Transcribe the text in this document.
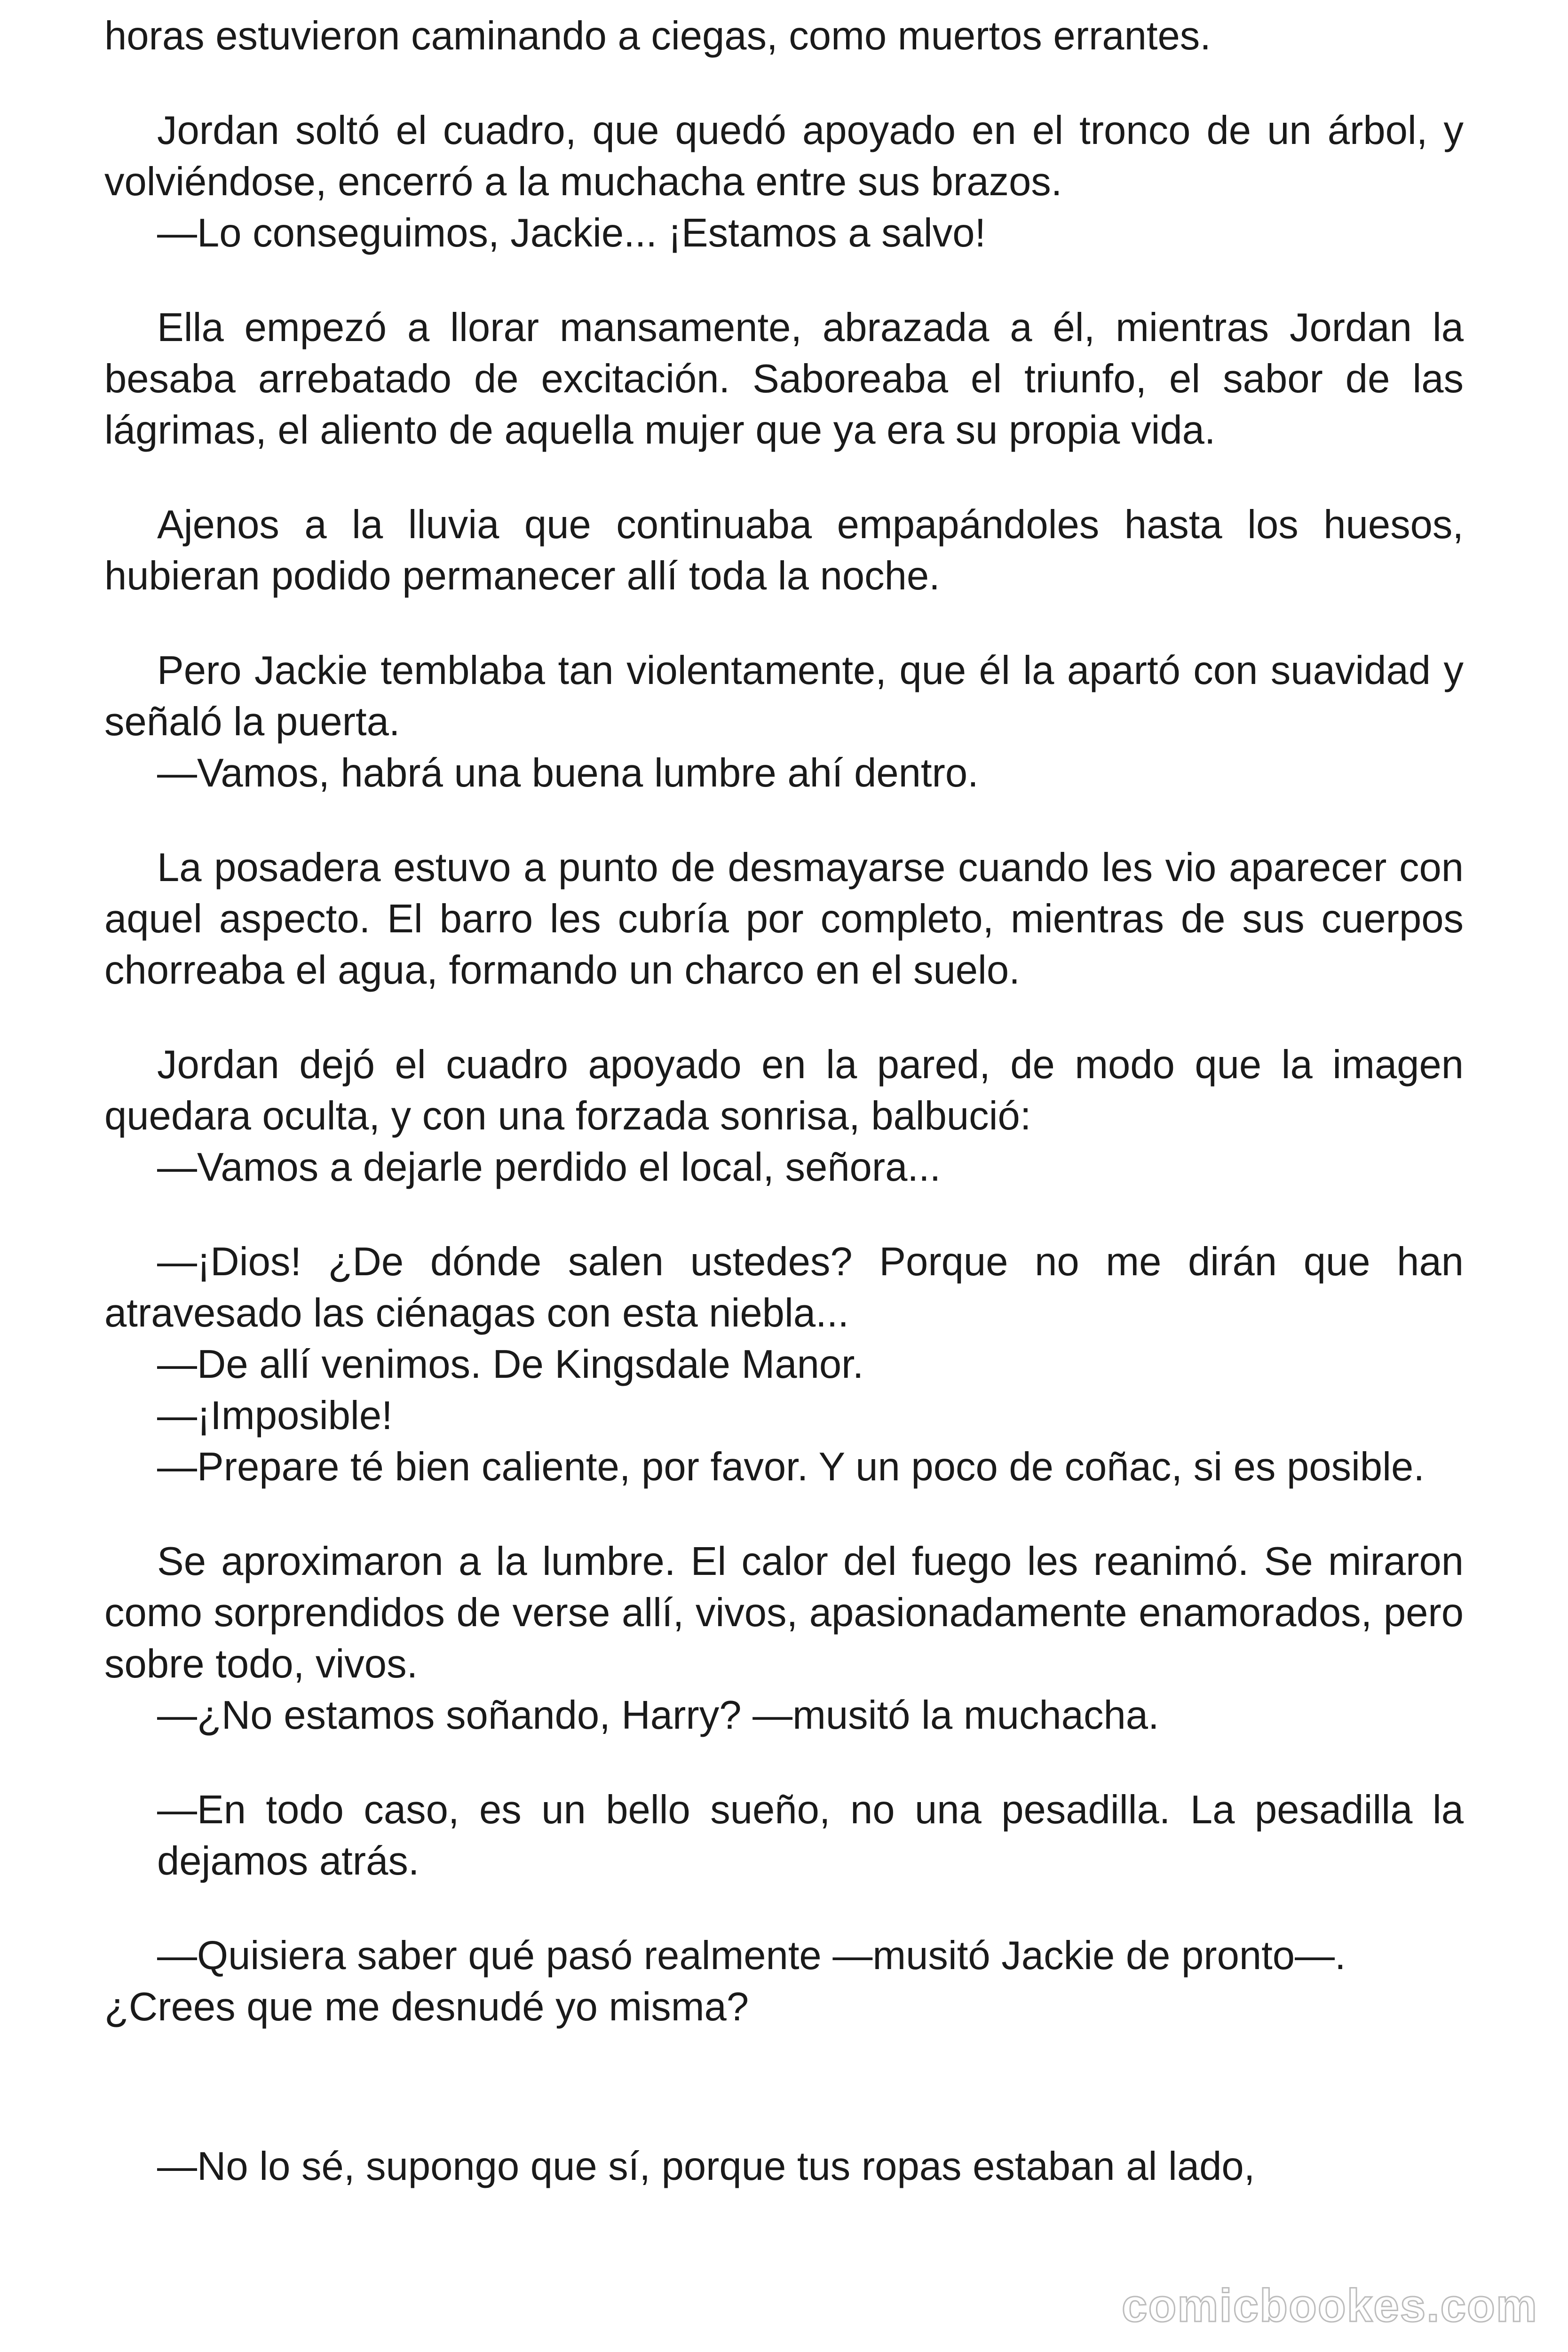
horas estuvieron caminando a ciegas, como muertos errantes.

Jordan soltó el cuadro, que quedó apoyado en el tronco de un árbol, y volviéndose, encerró a la muchacha entre sus brazos.

—Lo conseguimos, Jackie... ¡Estamos a salvo!

Ella empezó a llorar mansamente, abrazada a él, mientras Jordan la besaba arrebatado de excitación. Saboreaba el triunfo, el sabor de las lágrimas, el aliento de aquella mujer que ya era su propia vida.

Ajenos a la lluvia que continuaba empapándoles hasta los huesos, hubieran podido permanecer allí toda la noche.

Pero Jackie temblaba tan violentamente, que él la apartó con suavidad y señaló la puerta.

—Vamos, habrá una buena lumbre ahí dentro.

La posadera estuvo a punto de desmayarse cuando les vio aparecer con aquel aspecto. El barro les cubría por completo, mientras de sus cuerpos chorreaba el agua, formando un charco en el suelo.

Jordan dejó el cuadro apoyado en la pared, de modo que la imagen quedara oculta, y con una forzada sonrisa, balbució:

—Vamos a dejarle perdido el local, señora...

—¡Dios! ¿De dónde salen ustedes? Porque no me dirán que han atravesado las ciénagas con esta niebla...

—De allí venimos. De Kingsdale Manor.

—¡Imposible!

—Prepare té bien caliente, por favor. Y un poco de coñac, si es posible.

Se aproximaron a la lumbre. El calor del fuego les reanimó. Se miraron como sorprendidos de verse allí, vivos, apasionadamente enamorados, pero sobre todo, vivos.

—¿No estamos soñando, Harry? —musitó la muchacha.

—En todo caso, es un bello sueño, no una pesadilla. La pesadilla la dejamos atrás.

—Quisiera saber qué pasó realmente —musitó Jackie de pronto—.

¿Crees que me desnudé yo misma?

—No lo sé, supongo que sí, porque tus ropas estaban al lado,

comicbookes.com
